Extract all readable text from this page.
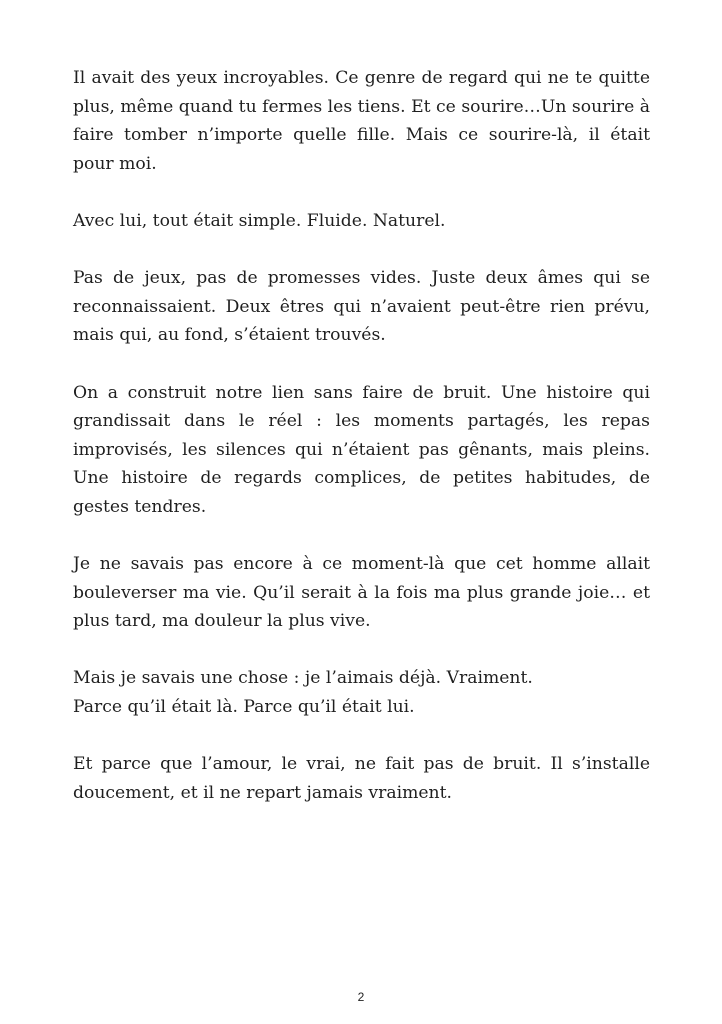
Il avait des yeux incroyables. Ce genre de regard qui ne te quitte plus, même quand tu fermes les tiens. Et ce sourire…Un sourire à faire tomber n’importe quelle fille. Mais ce sourire-là, il était pour moi.

Avec lui, tout était simple. Fluide. Naturel.

Pas de jeux, pas de promesses vides. Juste deux âmes qui se reconnaissaient. Deux êtres qui n’avaient peut-être rien prévu, mais qui, au fond, s’étaient trouvés.

On a construit notre lien sans faire de bruit. Une histoire qui grandissait dans le réel : les moments partagés, les repas improvisés, les silences qui n’étaient pas gênants, mais pleins. Une histoire de regards complices, de petites habitudes, de gestes tendres.

Je ne savais pas encore à ce moment-là que cet homme allait bouleverser ma vie. Qu’il serait à la fois ma plus grande joie… et plus tard, ma douleur la plus vive.

Mais je savais une chose : je l’aimais déjà. Vraiment.

Parce qu’il était là. Parce qu’il était lui.

Et parce que l’amour, le vrai, ne fait pas de bruit. Il s’installe doucement, et il ne repart jamais vraiment.

2
